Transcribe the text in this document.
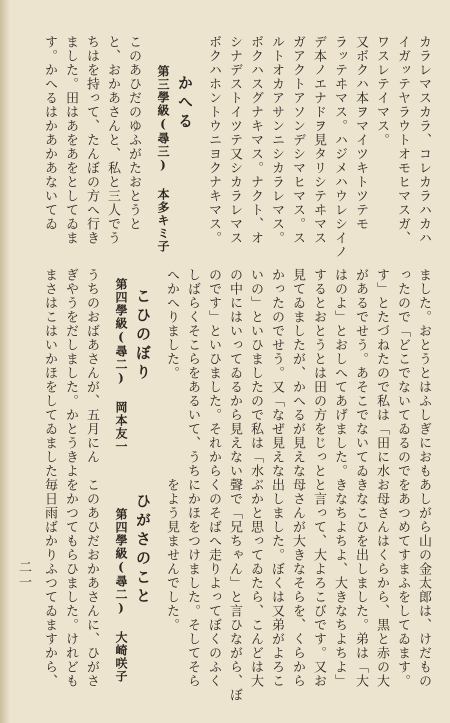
カラレマスカラ、コレカラハカハ
イガッテヤラウトオモヒマスガ、
ワスレテイマス。
又ボクハ本ヲマイツキトツテモ
ラッテヰマス。ハジメハウレシイノ
デ本ノエナドヲ見タリシテヰマス
ガアクトアソンデシマヒマス。ス
ルトオカアサンニシカラレマス。
ボクハスグナキマス。ナクト、オ
シナデストイツテ又シカラレマス
ボクハホントウニヨクナキマス。
かへる
第三學級(尋三) 本多キミ子
このあひだのゆふがたおとうと
と、おかあさんと、私と三人でう
ちはを持って、たんぼの方へ行き
ました。田はあをあをとしてゐま
す。かへるはかあかあないてゐ
ました。おとうとはふしぎにおも
ったので「どこでないてゐるので
す」とたづねたので私は「田に水
があるでせう。あそこでないてゐ
はのよ」とおしへてあげました。
するとおとうとは田の方をじっと
見てゐましたが、かへるが見えな
かったのでせう。又「なぜ見えな
いの」といひましたので私は「水
の中にはいってゐるから見えない
のです」といひました。それから
しばらくそこらをあるいて、うち
へかへりました。
こひのぼり
第四學級(尋二) 岡本友一
うちのおばあさんが、五月にん
ぎやうをだしました。かとうきよ
まさはこはいかほをしてゐました
あしがら山の金太郎は、けだもの
をあつめてすまふをしてゐます。
お母さんはくらから、黒と赤の大
きなこひを出しました。弟は「大
きなちよちよ、大きなちよちよ」
と言って、大よろこびです。又お
母さんが大きなそらを、くらから
出しました。ぼくは又弟がよろこ
ぶかと思ってゐたら、こんどは大
聲で「兄ちゃん」と言ひながら、ぼ
くのそばへ走りよってぼくのふく
にかほをつけました。そしてそら
をよう見ませんでした。
ひがさのこと
第四學級(尋二) 大崎咲子
このあひだおかあさんに、ひがさ
をかつてもらひました。けれども
毎日雨ばかりふつてゐますから、
二一
